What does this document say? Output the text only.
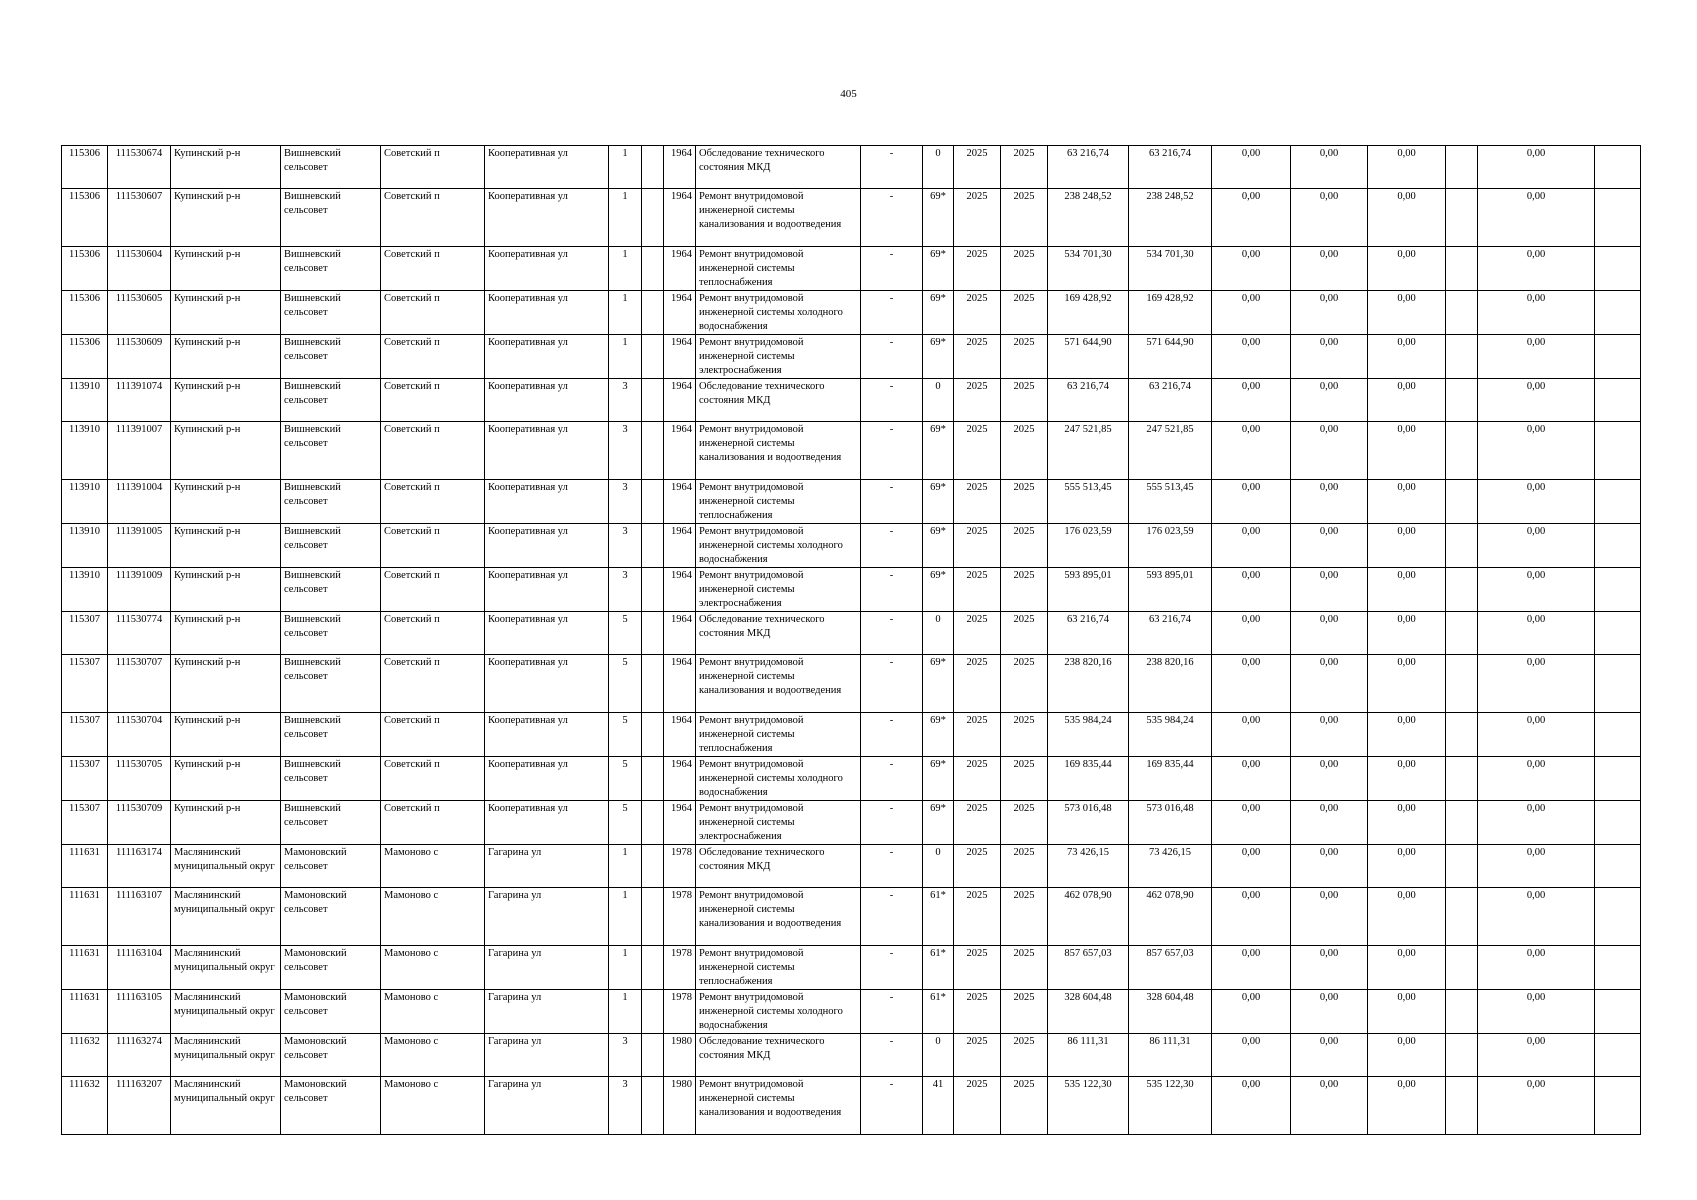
405
115306	111530674	Купинский р-н	Вишневский сельсовет	Советский п	Кооперативная ул	1		1964	Обследование технического состояния МКД	-	0	2025	2025	63 216,74	63 216,74	0,00	0,00	0,00		0,00	
115306	111530607	Купинский р-н	Вишневский сельсовет	Советский п	Кооперативная ул	1		1964	Ремонт внутридомовой инженерной системы канализования и водоотведения	-	69*	2025	2025	238 248,52	238 248,52	0,00	0,00	0,00		0,00	
115306	111530604	Купинский р-н	Вишневский сельсовет	Советский п	Кооперативная ул	1		1964	Ремонт внутридомовой инженерной системы теплоснабжения	-	69*	2025	2025	534 701,30	534 701,30	0,00	0,00	0,00		0,00	
115306	111530605	Купинский р-н	Вишневский сельсовет	Советский п	Кооперативная ул	1		1964	Ремонт внутридомовой инженерной системы холодного водоснабжения	-	69*	2025	2025	169 428,92	169 428,92	0,00	0,00	0,00		0,00	
115306	111530609	Купинский р-н	Вишневский сельсовет	Советский п	Кооперативная ул	1		1964	Ремонт внутридомовой инженерной системы электроснабжения	-	69*	2025	2025	571 644,90	571 644,90	0,00	0,00	0,00		0,00	
113910	111391074	Купинский р-н	Вишневский сельсовет	Советский п	Кооперативная ул	3		1964	Обследование технического состояния МКД	-	0	2025	2025	63 216,74	63 216,74	0,00	0,00	0,00		0,00	
113910	111391007	Купинский р-н	Вишневский сельсовет	Советский п	Кооперативная ул	3		1964	Ремонт внутридомовой инженерной системы канализования и водоотведения	-	69*	2025	2025	247 521,85	247 521,85	0,00	0,00	0,00		0,00	
113910	111391004	Купинский р-н	Вишневский сельсовет	Советский п	Кооперативная ул	3		1964	Ремонт внутридомовой инженерной системы теплоснабжения	-	69*	2025	2025	555 513,45	555 513,45	0,00	0,00	0,00		0,00	
113910	111391005	Купинский р-н	Вишневский сельсовет	Советский п	Кооперативная ул	3		1964	Ремонт внутридомовой инженерной системы холодного водоснабжения	-	69*	2025	2025	176 023,59	176 023,59	0,00	0,00	0,00		0,00	
113910	111391009	Купинский р-н	Вишневский сельсовет	Советский п	Кооперативная ул	3		1964	Ремонт внутридомовой инженерной системы электроснабжения	-	69*	2025	2025	593 895,01	593 895,01	0,00	0,00	0,00		0,00	
115307	111530774	Купинский р-н	Вишневский сельсовет	Советский п	Кооперативная ул	5		1964	Обследование технического состояния МКД	-	0	2025	2025	63 216,74	63 216,74	0,00	0,00	0,00		0,00	
115307	111530707	Купинский р-н	Вишневский сельсовет	Советский п	Кооперативная ул	5		1964	Ремонт внутридомовой инженерной системы канализования и водоотведения	-	69*	2025	2025	238 820,16	238 820,16	0,00	0,00	0,00		0,00	
115307	111530704	Купинский р-н	Вишневский сельсовет	Советский п	Кооперативная ул	5		1964	Ремонт внутридомовой инженерной системы теплоснабжения	-	69*	2025	2025	535 984,24	535 984,24	0,00	0,00	0,00		0,00	
115307	111530705	Купинский р-н	Вишневский сельсовет	Советский п	Кооперативная ул	5		1964	Ремонт внутридомовой инженерной системы холодного водоснабжения	-	69*	2025	2025	169 835,44	169 835,44	0,00	0,00	0,00		0,00	
115307	111530709	Купинский р-н	Вишневский сельсовет	Советский п	Кооперативная ул	5		1964	Ремонт внутридомовой инженерной системы электроснабжения	-	69*	2025	2025	573 016,48	573 016,48	0,00	0,00	0,00		0,00	
111631	111163174	Маслянинский муниципальный округ	Мамоновский сельсовет	Мамоново с	Гагарина ул	1		1978	Обследование технического состояния МКД	-	0	2025	2025	73 426,15	73 426,15	0,00	0,00	0,00		0,00	
111631	111163107	Маслянинский муниципальный округ	Мамоновский сельсовет	Мамоново с	Гагарина ул	1		1978	Ремонт внутридомовой инженерной системы канализования и водоотведения	-	61*	2025	2025	462 078,90	462 078,90	0,00	0,00	0,00		0,00	
111631	111163104	Маслянинский муниципальный округ	Мамоновский сельсовет	Мамоново с	Гагарина ул	1		1978	Ремонт внутридомовой инженерной системы теплоснабжения	-	61*	2025	2025	857 657,03	857 657,03	0,00	0,00	0,00		0,00	
111631	111163105	Маслянинский муниципальный округ	Мамоновский сельсовет	Мамоново с	Гагарина ул	1		1978	Ремонт внутридомовой инженерной системы холодного водоснабжения	-	61*	2025	2025	328 604,48	328 604,48	0,00	0,00	0,00		0,00	
111632	111163274	Маслянинский муниципальный округ	Мамоновский сельсовет	Мамоново с	Гагарина ул	3		1980	Обследование технического состояния МКД	-	0	2025	2025	86 111,31	86 111,31	0,00	0,00	0,00		0,00	
111632	111163207	Маслянинский муниципальный округ	Мамоновский сельсовет	Мамоново с	Гагарина ул	3		1980	Ремонт внутридомовой инженерной системы канализования и водоотведения	-	41	2025	2025	535 122,30	535 122,30	0,00	0,00	0,00		0,00	
